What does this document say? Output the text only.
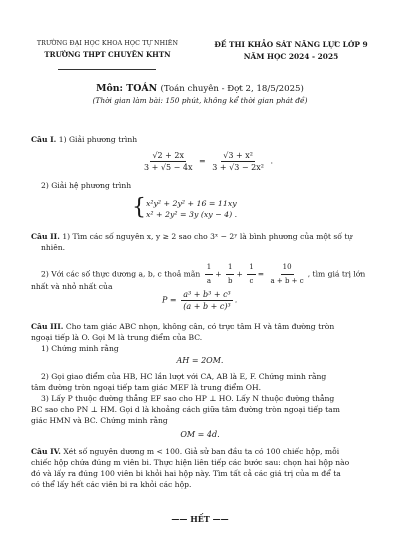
TRƯỜNG ĐẠI HỌC KHOA HỌC TỰ NHIÊN
TRƯỜNG THPT CHUYÊN KHTN
ĐỀ THI KHẢO SÁT NĂNG LỰC LỚP 9
NĂM HỌC 2024 - 2025
Môn: TOÁN (Toán chuyên - Đợt 2, 18/5/2025)
(Thời gian làm bài: 150 phút, không kể thời gian phát đề)
Câu I. 1) Giải phương trình
$\frac{√2 + 2x}{3 + √5 - 4x} = \frac{\text{√3 + x²}}{\text{3 + √3 − 2x²}}$ .
2) Giải hệ phương trình
{ x²y² + 2y² + 16 = 11xy
x² + 2y² = 3y (xy − 4) .
Câu II. 1) Tìm các số nguyên x, y ≥ 2 sao cho 3ˣ − 2ʸ là bình phương của một số tự
nhiên.
2) Với các số thực dương a, b, c thoả mãn $\frac{1}{a} + \frac{1}{b} + \frac{1}{c} = \frac{10}{a + b + c}$ , tìm giá trị lớn
nhất và nhỏ nhất của
$P = \frac{\text{a³ + b³ + c³}}{\text{(a + b + c)³}}$ .
Câu III. Cho tam giác ABC nhọn, không cân, có trực tâm H và tâm đường tròn
ngoại tiếp là O. Gọi M là trung điểm của BC.
1) Chứng minh rằng
AH = 2OM.
2) Gọi giao điểm của HB, HC lần lượt với CA, AB là E, F. Chứng minh rằng
tâm đường tròn ngoại tiếp tam giác MEF là trung điểm OH.
3) Lấy P thuộc đường thẳng EF sao cho HP ⊥ HO. Lấy N thuộc đường thẳng
BC sao cho PN ⊥ HM. Gọi d là khoảng cách giữa tâm đường tròn ngoại tiếp tam
giác HMN và BC. Chứng minh rằng
OM = 4d.
Câu IV. Xét số nguyên dương m < 100. Giả sử ban đầu ta có 100 chiếc hộp, mỗi
chiếc hộp chứa đúng m viên bi. Thực hiện liên tiếp các bước sau: chọn hai hộp nào
đó và lấy ra đúng 100 viên bi khỏi hai hộp này. Tìm tất cả các giá trị của m để ta
có thể lấy hết các viên bi ra khỏi các hộp.
—— HẾT ——
